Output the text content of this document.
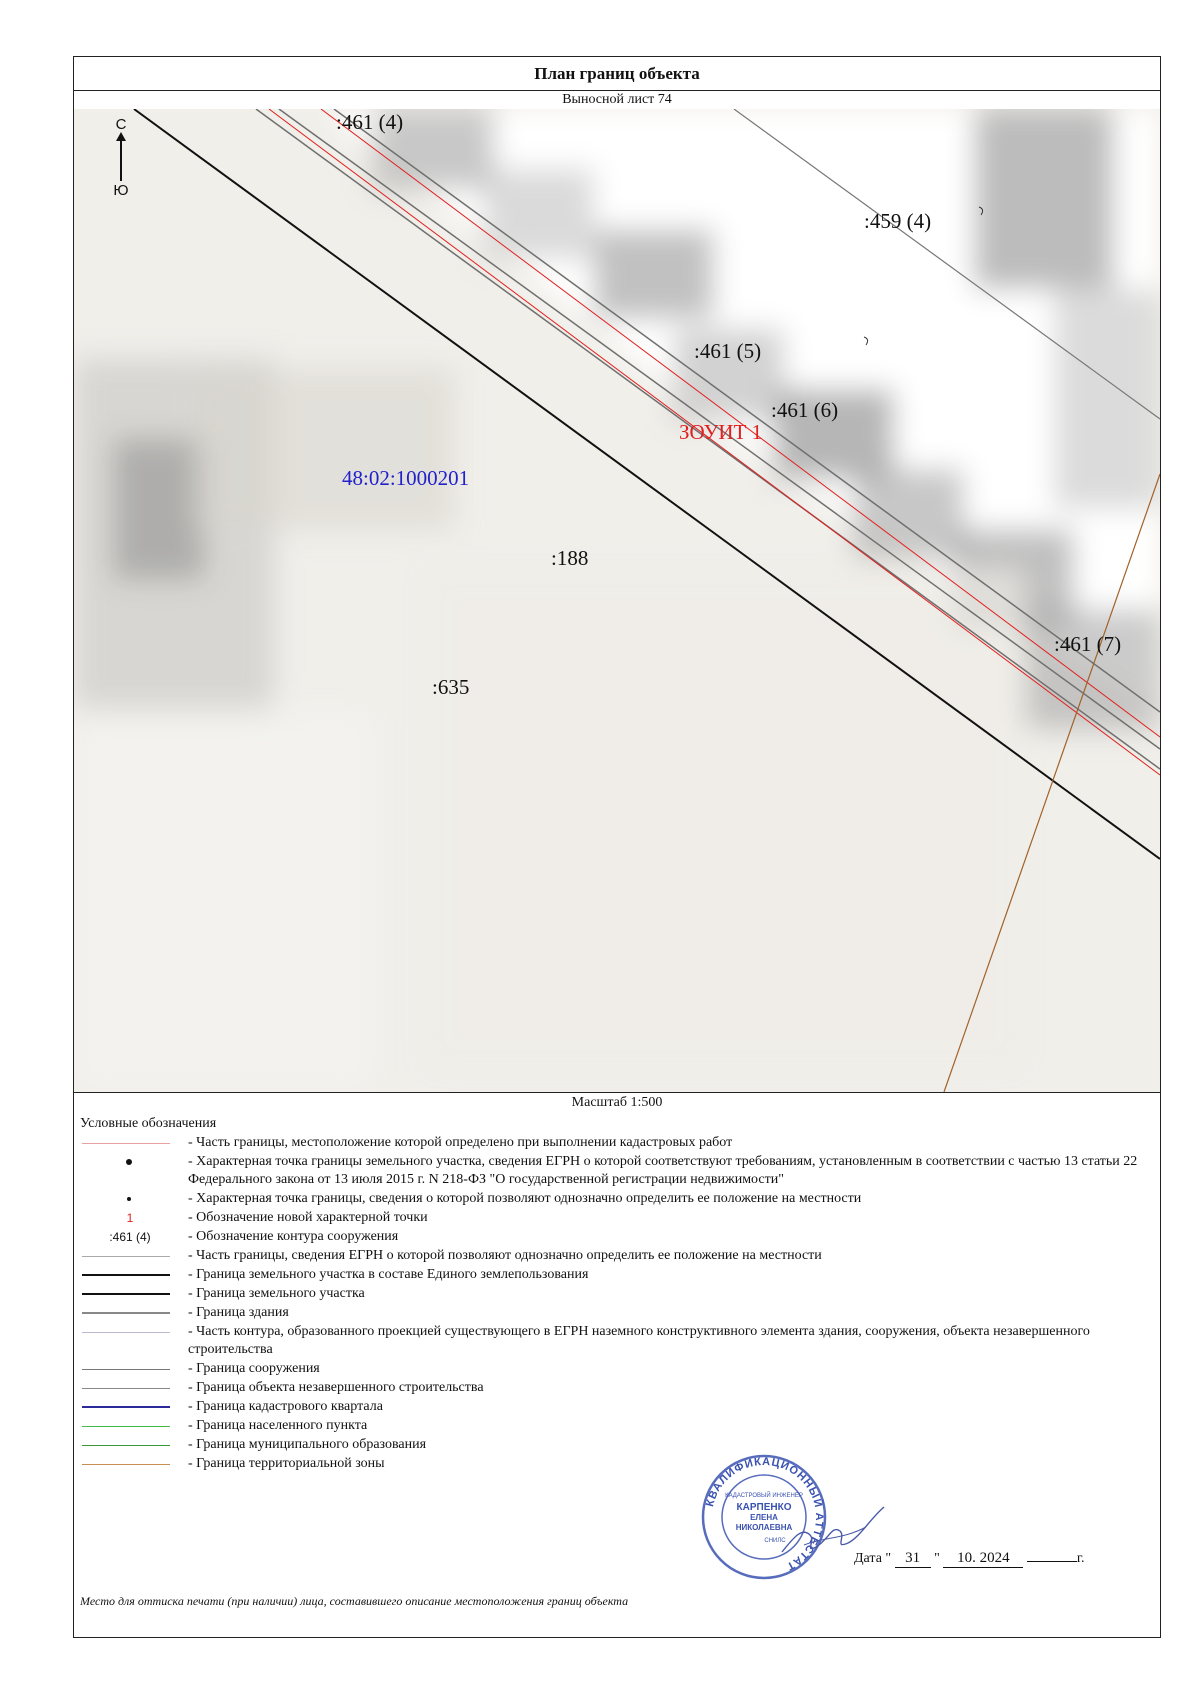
План границ объекта
Выносной лист 74
С
Ю
:461 (4)
:459 (4)
:461 (5)
:461 (6)
ЗОУИТ 1
48:02:1000201
:188
:635
:461 (7)
Масштаб 1:500
Условные обозначения
- Часть границы, местоположение которой определено при выполнении кадастровых работ
- Характерная точка границы земельного участка, сведения ЕГРН о которой соответствуют требованиям, установленным в соответствии с частью 13 статьи 22 Федерального закона от 13 июля 2015 г. N 218-ФЗ "О государственной регистрации недвижимости"
- Характерная точка границы, сведения о которой позволяют однозначно определить ее положение на местности
1	- Обозначение новой характерной точки
:461 (4)	- Обозначение контура сооружения
- Часть границы, сведения ЕГРН о которой позволяют однозначно определить ее положение на местности
- Граница земельного участка в составе Единого землепользования
- Граница земельного участка
- Граница здания
- Часть контура, образованного проекцией существующего в ЕГРН наземного конструктивного элемента здания, сооружения, объекта незавершенного строительства
- Граница сооружения
- Граница объекта незавершенного строительства
- Граница кадастрового квартала
- Граница населенного пункта
- Граница муниципального образования
- Граница территориальной зоны
КВАЛИФИКАЦИОННЫЙ АТТЕСТАТ
КАДАСТРОВЫЙ ИНЖЕНЕР
КАРПЕНКО
ЕЛЕНА
НИКОЛАЕВНА
СНИЛС
Дата " 31 " 10. 2024	г.
Место для оттиска печати (при наличии) лица, составившего описание местоположения границ объекта
